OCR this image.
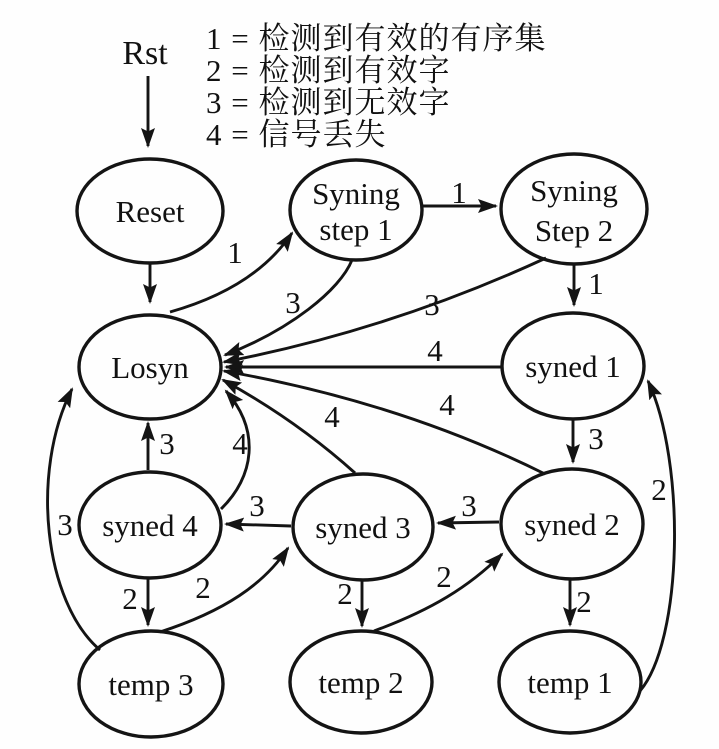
Rst 1 = 检测到有效的有序集
2 = 检测到有效字
3 = 检测到无效字
4 = 信号丢失
1
1
1
3	3
4
4
4
4
3
3
3
3
3
2	2	2
2	2
2
Reset
Syning
step 1
Syning
Step 2
Losyn	syned 1
syned 2
syned 3
syned 4
temp 3	temp 2	temp 1
